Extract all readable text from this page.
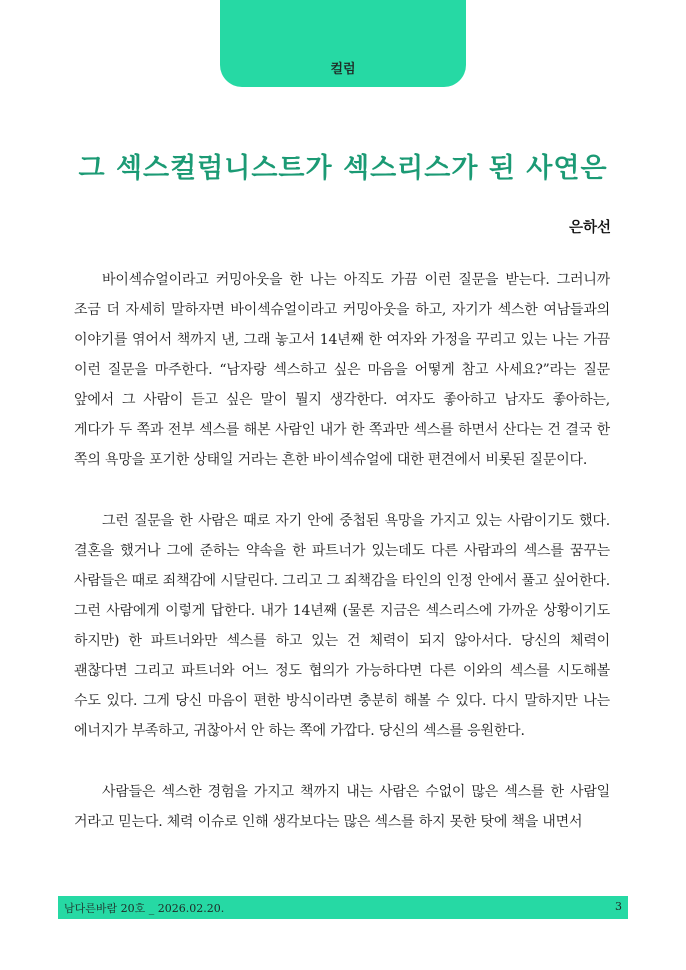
컬럼
그 섹스컬럼니스트가 섹스리스가 된 사연은
은하선

바이섹슈얼이라고 커밍아웃을 한 나는 아직도 가끔 이런 질문을 받는다. 그러니까 조금 더 자세히 말하자면 바이섹슈얼이라고 커밍아웃을 하고, 자기가 섹스한 여남들과의 이야기를 엮어서 책까지 낸, 그래 놓고서 14년째 한 여자와 가정을 꾸리고 있는 나는 가끔 이런 질문을 마주한다. “남자랑 섹스하고 싶은 마음을 어떻게 참고 사세요?”라는 질문 앞에서 그 사람이 듣고 싶은 말이 뭘지 생각한다. 여자도 좋아하고 남자도 좋아하는, 게다가 두 쪽과 전부 섹스를 해본 사람인 내가 한 쪽과만 섹스를 하면서 산다는 건 결국 한 쪽의 욕망을 포기한 상태일 거라는 흔한 바이섹슈얼에 대한 편견에서 비롯된 질문이다.

그런 질문을 한 사람은 때로 자기 안에 중첩된 욕망을 가지고 있는 사람이기도 했다. 결혼을 했거나 그에 준하는 약속을 한 파트너가 있는데도 다른 사람과의 섹스를 꿈꾸는 사람들은 때로 죄책감에 시달린다. 그리고 그 죄책감을 타인의 인정 안에서 풀고 싶어한다. 그런 사람에게 이렇게 답한다. 내가 14년째 (물론 지금은 섹스리스에 가까운 상황이기도 하지만) 한 파트너와만 섹스를 하고 있는 건 체력이 되지 않아서다. 당신의 체력이 괜찮다면 그리고 파트너와 어느 정도 협의가 가능하다면 다른 이와의 섹스를 시도해볼 수도 있다. 그게 당신 마음이 편한 방식이라면 충분히 해볼 수 있다. 다시 말하지만 나는 에너지가 부족하고, 귀찮아서 안 하는 쪽에 가깝다. 당신의 섹스를 응원한다.

사람들은 섹스한 경험을 가지고 책까지 내는 사람은 수없이 많은 섹스를 한 사람일 거라고 믿는다. 체력 이슈로 인해 생각보다는 많은 섹스를 하지 못한 탓에 책을 내면서

남다른바람 20호 _ 2026.02.20.	3
